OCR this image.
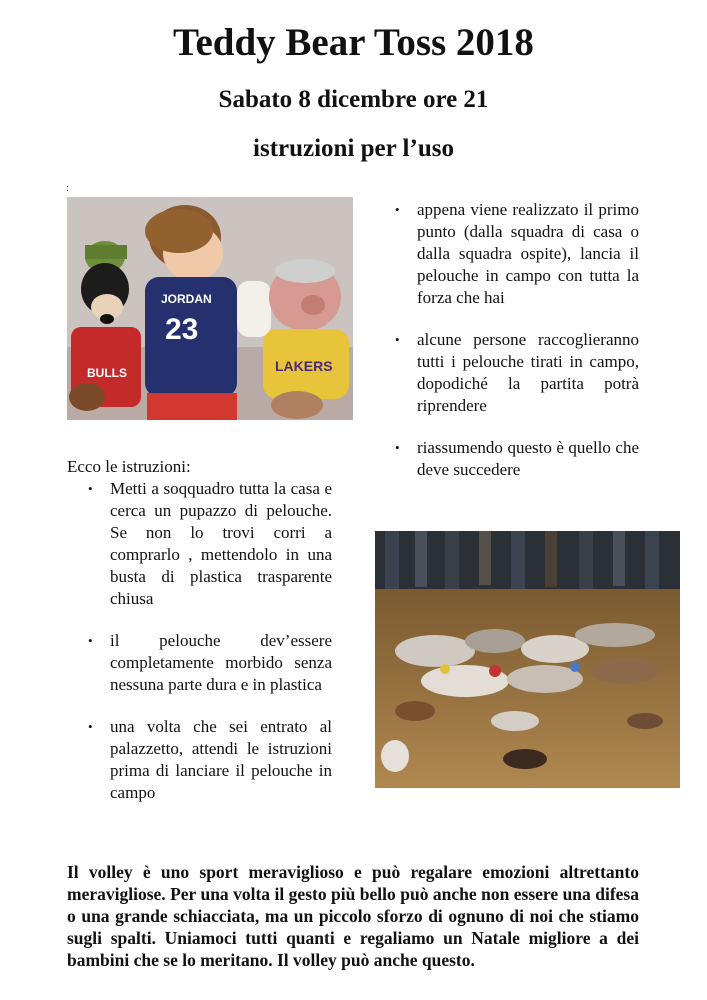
Teddy Bear Toss 2018
Sabato 8 dicembre ore 21
istruzioni per l’uso
:
BULLS
JORDAN
23
LAKERS

Ecco le istruzioni:

• Metti a soqquadro tutta la casa e cerca un pupazzo di pelouche. Se non lo trovi corri a comprarlo , mettendolo in una busta di plastica trasparente chiusa
• il pelouche dev’essere completamente morbido senza nessuna parte dura e in plastica
• una volta che sei entrato al palazzetto, attendi le istruzioni prima di lanciare il pelouche in campo
• appena viene realizzato il primo punto (dalla squadra di casa o dalla squadra ospite), lancia il pelouche in campo con tutta la forza che hai
• alcune persone raccoglieranno tutti i pelouche tirati in campo, dopodiché la partita potrà riprendere
• riassumendo questo è quello che deve succedere

Il volley è uno sport meraviglioso e può regalare emozioni altrettanto meravigliose. Per una volta il gesto più bello può anche non essere una difesa o una grande schiacciata, ma un piccolo sforzo di ognuno di noi che stiamo sugli spalti. Uniamoci tutti quanti e regaliamo un Natale migliore a dei bambini che se lo meritano. Il volley può anche questo.
